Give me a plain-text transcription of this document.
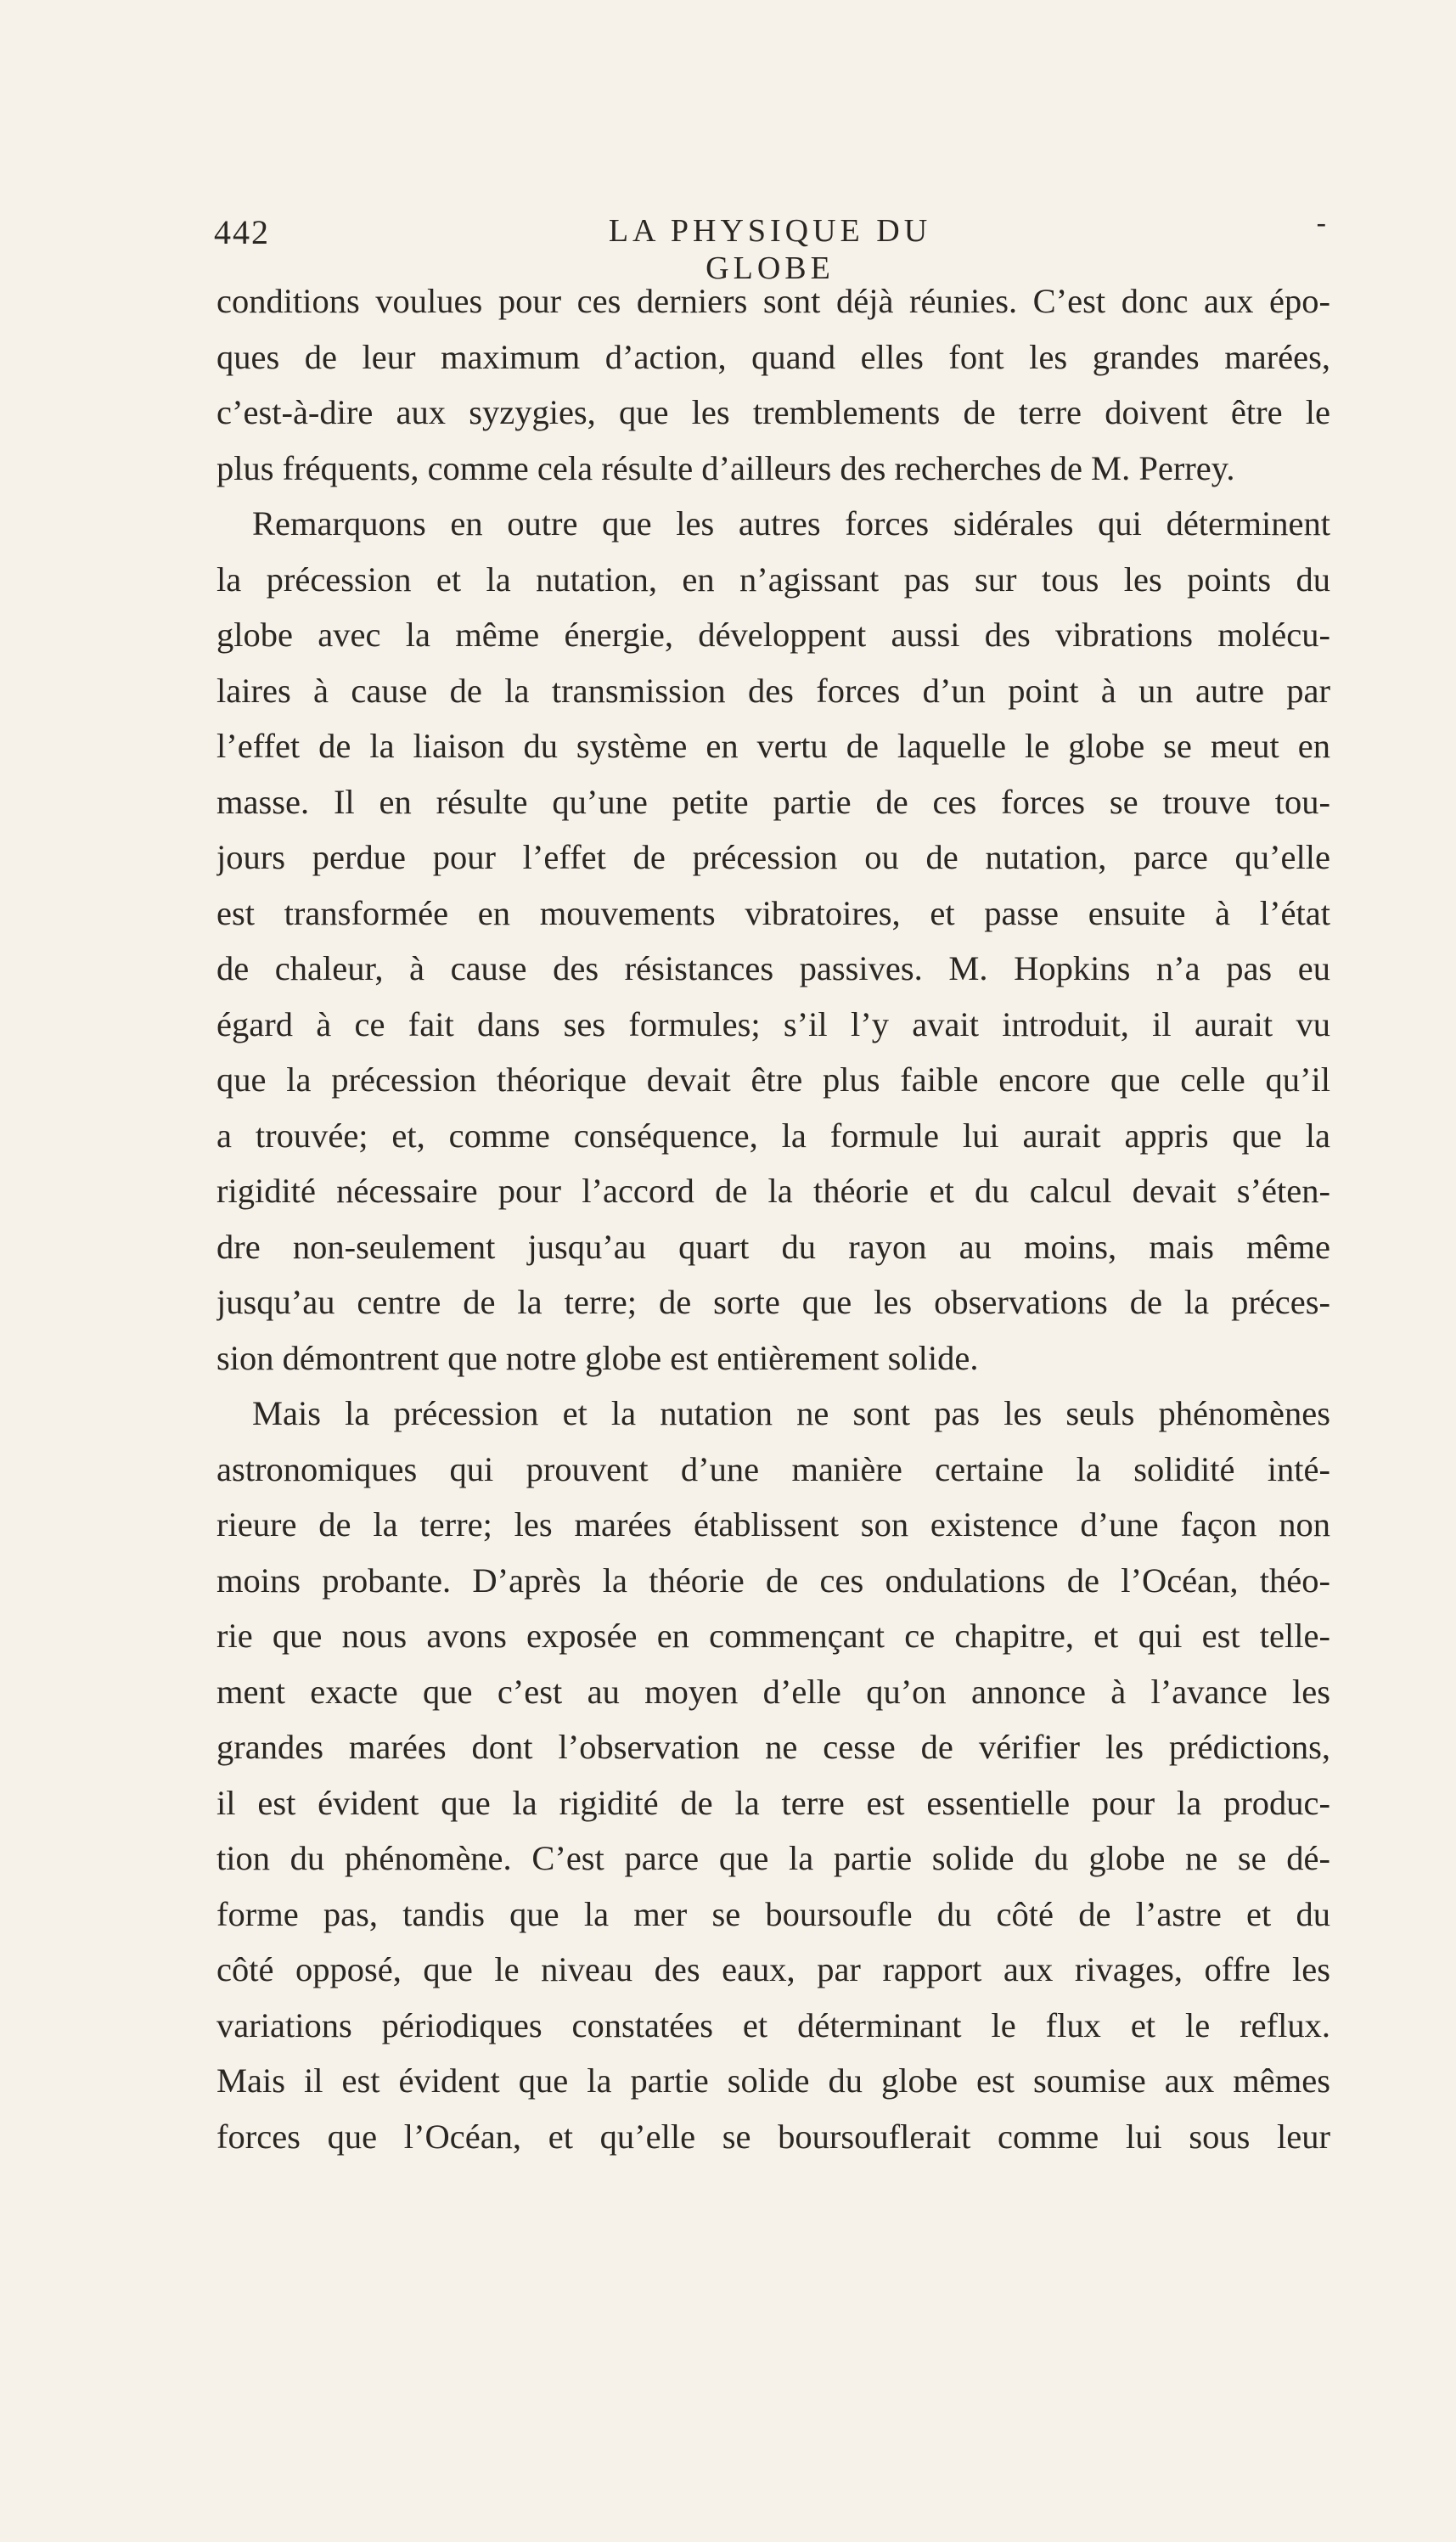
442	LA PHYSIQUE DU GLOBE
-
conditions voulues pour ces derniers sont déjà réunies. C’est donc aux épo-
ques de leur maximum d’action, quand elles font les grandes marées,
c’est-à-dire aux syzygies, que les tremblements de terre doivent être le
plus fréquents, comme cela résulte d’ailleurs des recherches de M. Perrey.
Remarquons en outre que les autres forces sidérales qui déterminent
la précession et la nutation, en n’agissant pas sur tous les points du
globe avec la même énergie, développent aussi des vibrations molécu-
laires à cause de la transmission des forces d’un point à un autre par
l’effet de la liaison du système en vertu de laquelle le globe se meut en
masse. Il en résulte qu’une petite partie de ces forces se trouve tou-
jours perdue pour l’effet de précession ou de nutation, parce qu’elle
est transformée en mouvements vibratoires, et passe ensuite à l’état
de chaleur, à cause des résistances passives. M. Hopkins n’a pas eu
égard à ce fait dans ses formules; s’il l’y avait introduit, il aurait vu
que la précession théorique devait être plus faible encore que celle qu’il
a trouvée; et, comme conséquence, la formule lui aurait appris que la
rigidité nécessaire pour l’accord de la théorie et du calcul devait s’éten-
dre non-seulement jusqu’au quart du rayon au moins, mais même
jusqu’au centre de la terre; de sorte que les observations de la préces-
sion démontrent que notre globe est entièrement solide.
Mais la précession et la nutation ne sont pas les seuls phénomènes
astronomiques qui prouvent d’une manière certaine la solidité inté-
rieure de la terre; les marées établissent son existence d’une façon non
moins probante. D’après la théorie de ces ondulations de l’Océan, théo-
rie que nous avons exposée en commençant ce chapitre, et qui est telle-
ment exacte que c’est au moyen d’elle qu’on annonce à l’avance les
grandes marées dont l’observation ne cesse de vérifier les prédictions,
il est évident que la rigidité de la terre est essentielle pour la produc-
tion du phénomène. C’est parce que la partie solide du globe ne se dé-
forme pas, tandis que la mer se boursoufle du côté de l’astre et du
côté opposé, que le niveau des eaux, par rapport aux rivages, offre les
variations périodiques constatées et déterminant le flux et le reflux.
Mais il est évident que la partie solide du globe est soumise aux mêmes
forces que l’Océan, et qu’elle se boursouflerait comme lui sous leur
